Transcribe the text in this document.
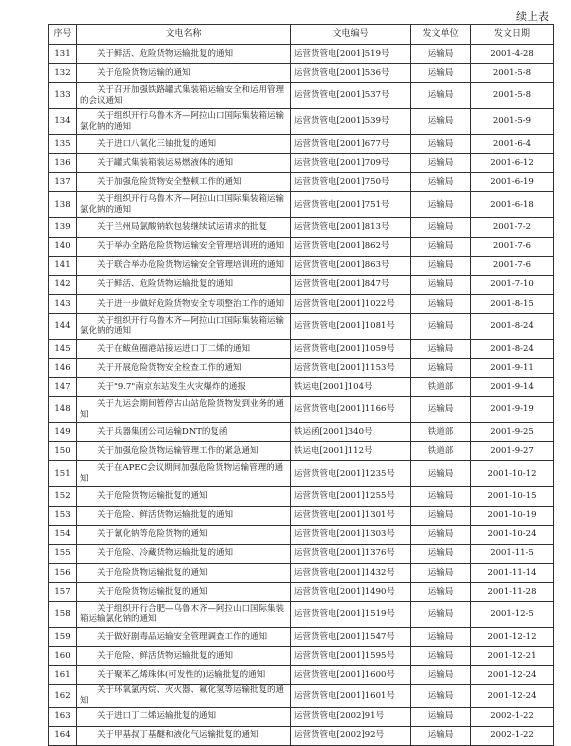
续上表
序号	文电名称	文电编号	发文单位	发文日期
131	关于鲜活、危险货物运输批复的通知	运营货管电[2001]519号	运输局	2001-4-28
132	关于危险货物运输的通知	运营货管电[2001]536号	运输局	2001-5-8
133	关于召开加强铁路罐式集装箱运输安全和运用管理的会议通知	运营货管电[2001]537号	运输局	2001-5-8
134	关于组织开行乌鲁木齐—阿拉山口国际集装箱运输氯化钠的通知	运营货管电[2001]539号	运输局	2001-5-9
135	关于进口八氧化三铀批复的通知	运营货管电[2001]677号	运输局	2001-6-4
136	关于罐式集装箱装运易燃液体的通知	运营货管电[2001]709号	运输局	2001-6-12
137	关于加强危险货物安全整顿工作的通知	运营货管电[2001]750号	运输局	2001-6-19
138	关于组织开行乌鲁木齐—阿拉山口国际集装箱运输氯化钠的通知	运营货管电[2001]751号	运输局	2001-6-18
139	关于兰州局氯酸钠软包装继续试运请求的批复	运营货管电[2001]813号	运输局	2001-7-2
140	关于举办全路危险货物运输安全管理培训班的通知	运营货管电[2001]862号	运输局	2001-7-6
141	关于联合举办危险货物运输安全管理培训班的通知	运营货管电[2001]863号	运输局	2001-7-6
142	关于鲜活、危险货物运输批复的通知	运营货管电[2001]847号	运输局	2001-7-10
143	关于进一步做好危险货物安全专项整治工作的通知	运营货管电[2001]1022号	运输局	2001-8-15
144	关于组织开行乌鲁木齐—阿拉山口国际集装箱运输氯化钠的通知	运营货管电[2001]1081号	运输局	2001-8-24
145	关于在鲅鱼圈港站接运进口丁二烯的通知	运营货管电[2001]1059号	运输局	2001-8-24
146	关于开展危险货物安全检查工作的通知	运营货管电[2001]1153号	运输局	2001-9-11
147	关于"9.7"南京东站发生火灾爆炸的通报	铁运电[2001]104号	铁道部	2001-9-14
148	关于九运会期间暂停古山站危险货物发到业务的通知	运营货管电[2001]1166号	运输局	2001-9-19
149	关于兵器集团公司运输DNT的复函	铁运函[2001]340号	铁道部	2001-9-25
150	关于加强危险货物运输管理工作的紧急通知	铁运电[2001]112号	铁道部	2001-9-27
151	关于在APEC会议期间加强危险货物运输管理的通知	运营货管电[2001]1235号	运输局	2001-10-12
152	关于危险货物运输批复的通知	运营货管电[2001]1255号	运输局	2001-10-15
153	关于危险、鲜活货物运输批复的通知	运营货管电[2001]1301号	运输局	2001-10-19
154	关于氰化钠等危险货物的通知	运营货管电[2001]1303号	运输局	2001-10-24
155	关于危险、冷藏货物运输批复的通知	运营货管电[2001]1376号	运输局	2001-11-5
156	关于危险货物运输批复的通知	运营货管电[2001]1432号	运输局	2001-11-14
157	关于危险货物运输批复的通知	运营货管电[2001]1490号	运输局	2001-11-28
158	关于组织开行合肥—乌鲁木齐—阿拉山口国际集装箱运输氯化钠的通知	运营货管电[2001]1519号	运输局	2001-12-5
159	关于做好剧毒品运输安全管理调查工作的通知	运营货管电[2001]1547号	运输局	2001-12-12
160	关于危险、鲜活货物运输批复的通知	运营货管电[2001]1595号	运输局	2001-12-21
161	关于聚苯乙烯珠体(可发性的)运输批复的通知	运营货管电[2001]1600号	运输局	2001-12-24
162	关于环氧氯丙烷、灭火器、氟化氢等运输批复的通知	运营货管电[2001]1601号	运输局	2001-12-24
163	关于进口丁二烯运输批复的通知	运营货管电[2002]91号	运输局	2002-1-22
164	关于甲基叔丁基醚和液化气运输批复的通知	运营货管电[2002]92号	运输局	2002-1-22
